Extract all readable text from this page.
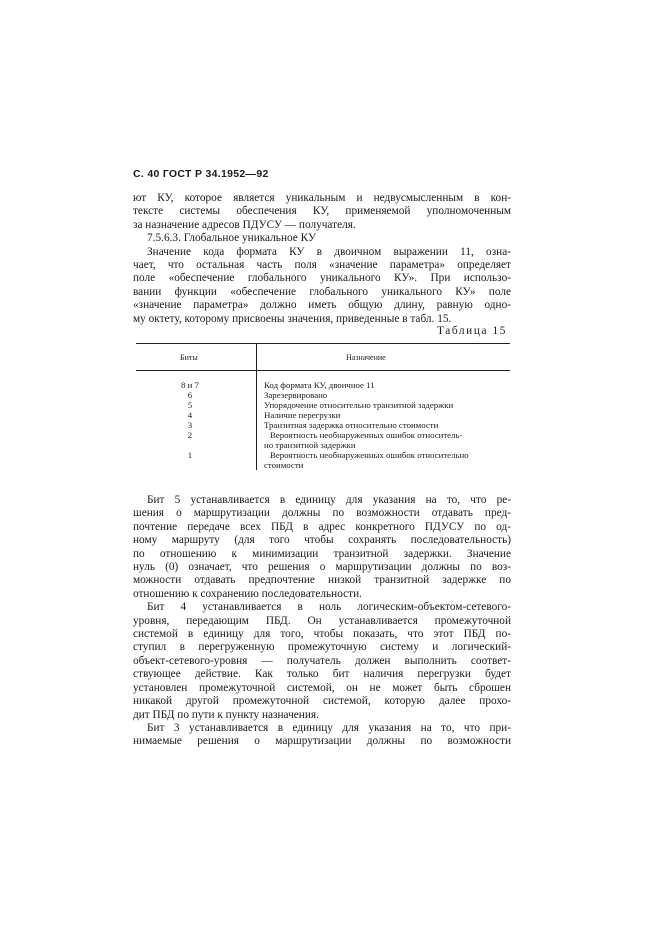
С. 40 ГОСТ Р 34.1952—92

ют КУ, которое является уникальным и недвусмысленным в кон-

тексте системы обеспечения КУ, применяемой уполномоченным

за назначение адресов ПДУСУ — получателя.

7.5.6.3. Глобальное уникальное КУ

Значение кода формата КУ в двоичном выражении 11, озна-

чает, что остальная часть поля «значение параметра» определяет

поле «обеспечение глобального уникального КУ». При использо-

вании функции «обеспечение глобального уникального КУ» поле

«значение параметра» должно иметь общую длину, равную одно-

му октету, которому присвоены значения, приведенные в табл. 15.

Таблица 15
Биты	Назначение
8 и 7	Код формата КУ, двоичное 11
6	Зарезервировано
5	Упорядочение относительно транзитной задержки
4	Наличие перегрузки
3	Транзитная задержка относительно стоимости
2	Вероятность необнаруженных ошибок относитель-
но транзитной задержки
1	Вероятность необнаруженных ошибок относительно
стоимости

Бит 5 устанавливается в единицу для указания на то, что ре-

шения о маршрутизации должны по возможности отдавать пред-

почтение передаче всех ПБД в адрес конкретного ПДУСУ по од-

ному маршруту (для того чтобы сохранять последовательность)

по отношению к минимизации транзитной задержки. Значение

нуль (0) означает, что решения о маршрутизации должны по воз-

можности отдавать предпочтение низкой транзитной задержке по

отношению к сохранению последовательности.

Бит 4 устанавливается в ноль логическим-объектом-сетевого-

уровня, передающим ПБД. Он устанавливается промежуточной

системой в единицу для того, чтобы показать, что этот ПБД по-

ступил в перегруженную промежуточную систему и логический-

объект-сетевого-уровня — получатель должен выполнить соответ-

ствующее действие. Как только бит наличия перегрузки будет

установлен промежуточной системой, он не может быть сброшен

никакой другой промежуточной системой, которую далее прохо-

дит ПБД по пути к пункту назначения.

Бит 3 устанавливается в единицу для указания на то, что при-

нимаемые решения о маршрутизации должны по возможности
